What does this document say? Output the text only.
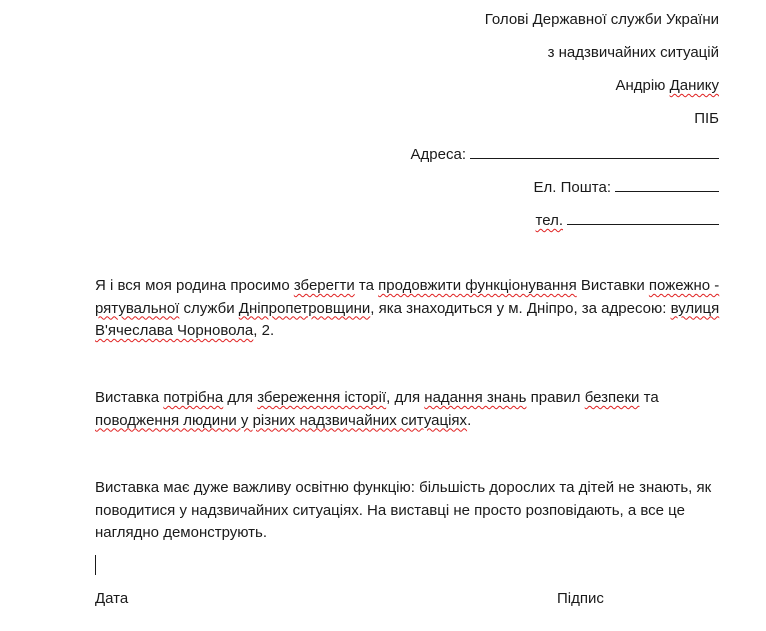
Голові Державної служби України
з надзвичайних ситуацій
Андрію Данику
ПІБ
Адреса:
Ел. Пошта:
тел.
Я і вся моя родина просимо зберегти та продовжити функціонування Виставки пожежно - рятувальної служби Дніпропетровщини, яка знаходиться у м. Дніпро, за адресою: вулиця В'ячеслава Чорновола, 2.
Виставка потрібна для збереження історії, для надання знань правил безпеки та поводження людини у різних надзвичайних ситуаціях.
Виставка має дуже важливу освітню функцію: більшість дорослих та дітей не знають, як поводитися у надзвичайних ситуаціях. На виставці не просто розповідають, а все це наглядно демонструють.
Дата	Підпис
